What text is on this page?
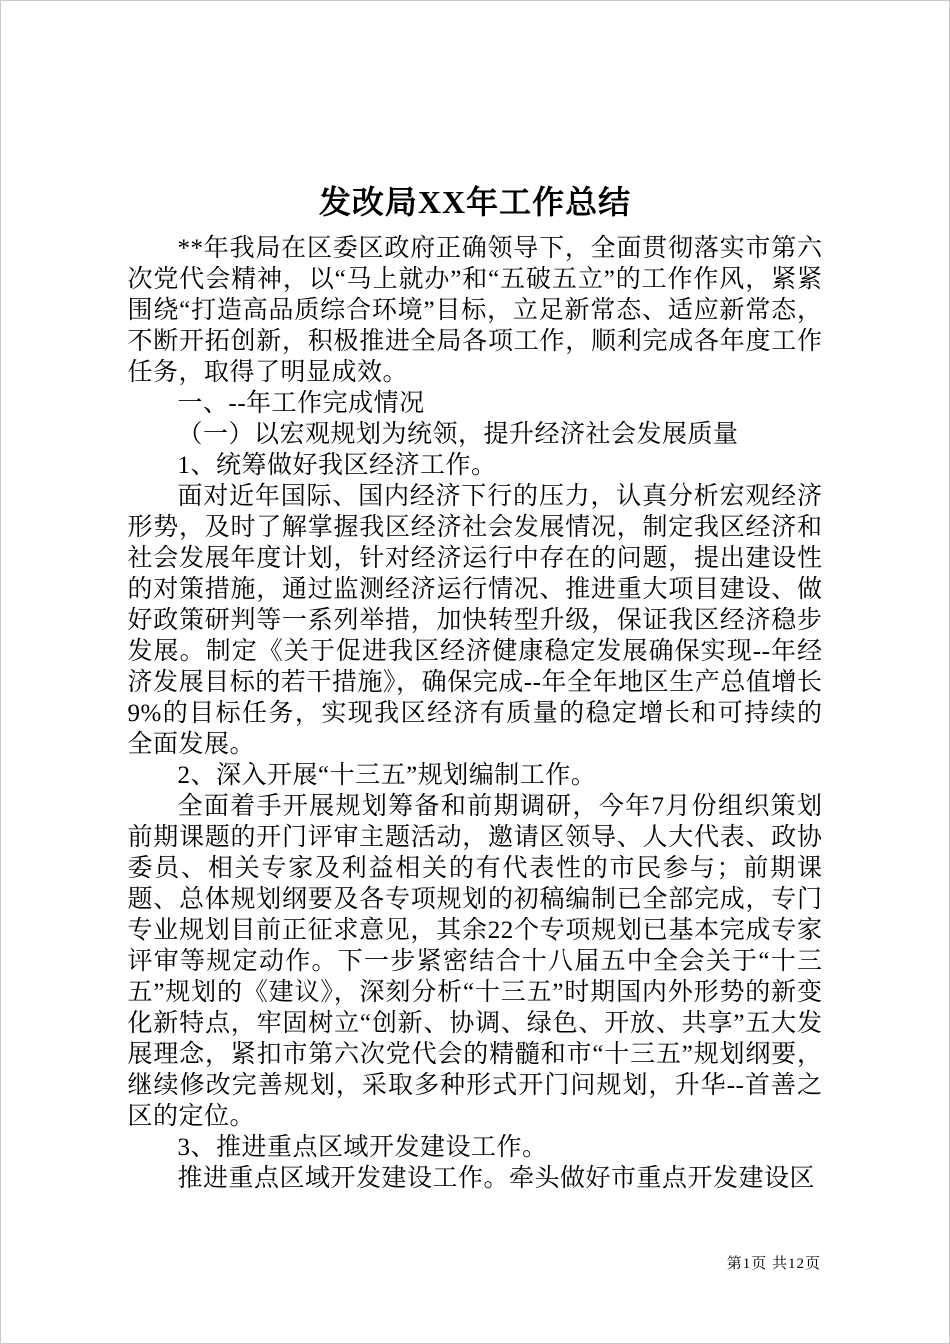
发改局XX年工作总结

**年我局在区委区政府正确领导下，全面贯彻落实市第六次党代会精神，以“马上就办”和“五破五立”的工作作风，紧紧围绕“打造高品质综合环境”目标，立足新常态、适应新常态，不断开拓创新，积极推进全局各项工作，顺利完成各年度工作任务，取得了明显成效。

一、--年工作完成情况

（一）以宏观规划为统领，提升经济社会发展质量

1、统筹做好我区经济工作。

面对近年国际、国内经济下行的压力，认真分析宏观经济形势，及时了解掌握我区经济社会发展情况，制定我区经济和社会发展年度计划，针对经济运行中存在的问题，提出建设性的对策措施，通过监测经济运行情况、推进重大项目建设、做好政策研判等一系列举措，加快转型升级，保证我区经济稳步发展。制定《关于促进我区经济健康稳定发展确保实现--年经济发展目标的若干措施》，确保完成--年全年地区生产总值增长9%的目标任务，实现我区经济有质量的稳定增长和可持续的全面发展。

2、深入开展“十三五”规划编制工作。

全面着手开展规划筹备和前期调研，今年7月份组织策划前期课题的开门评审主题活动，邀请区领导、人大代表、政协委员、相关专家及利益相关的有代表性的市民参与；前期课题、总体规划纲要及各专项规划的初稿编制已全部完成，专门专业规划目前正征求意见，其余22个专项规划已基本完成专家评审等规定动作。下一步紧密结合十八届五中全会关于“十三五”规划的《建议》，深刻分析“十三五”时期国内外形势的新变化新特点，牢固树立“创新、协调、绿色、开放、共享”五大发展理念，紧扣市第六次党代会的精髓和市“十三五”规划纲要，继续修改完善规划，采取多种形式开门问规划，升华--首善之区的定位。

3、推进重点区域开发建设工作。

推进重点区域开发建设工作。牵头做好市重点开发建设区

第1页 共12页
